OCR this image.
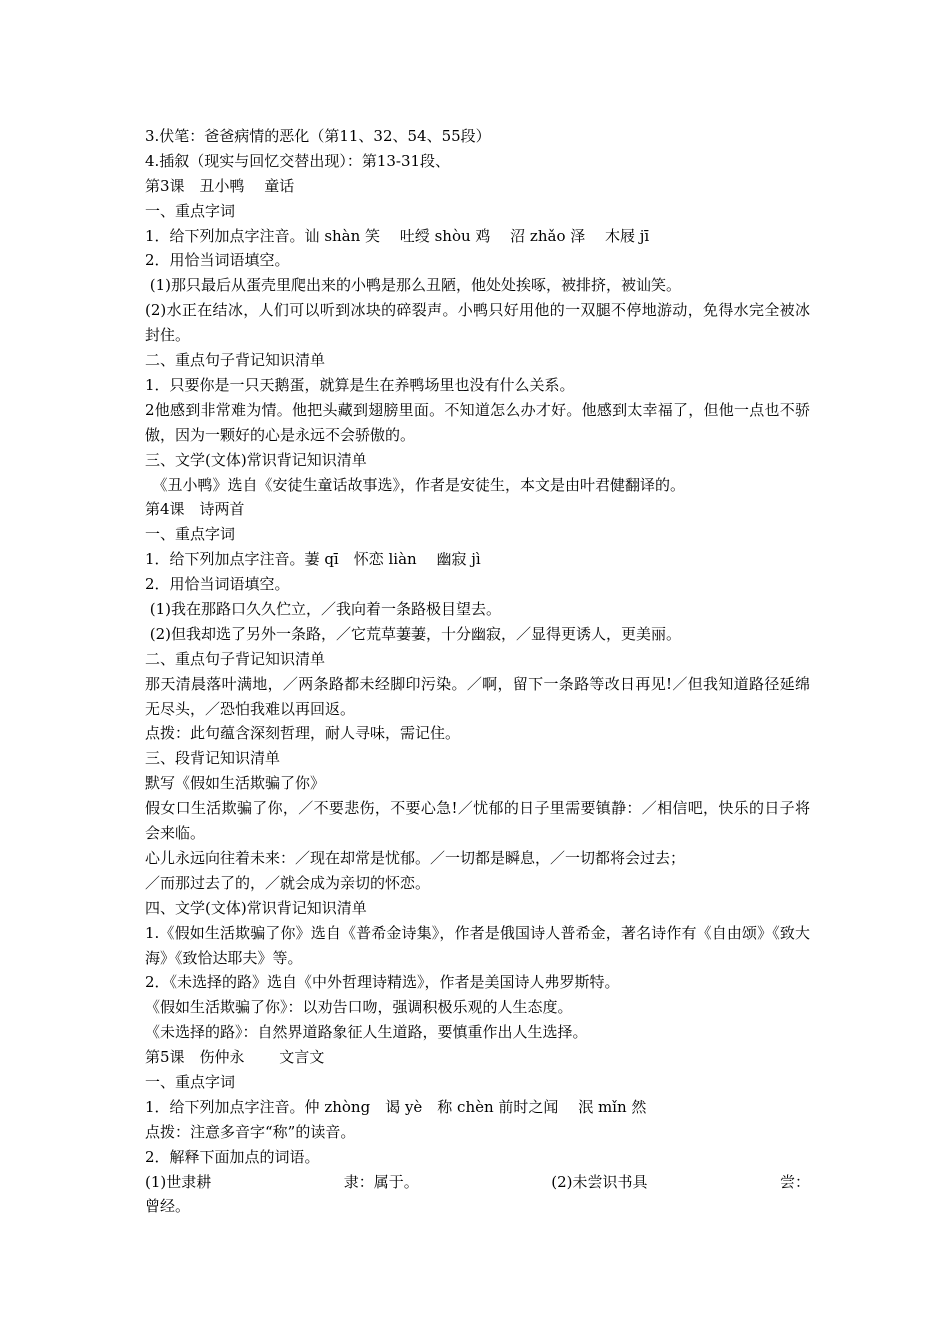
3.伏笔：爸爸病情的恶化（第11、32、54、55段）
4.插叙（现实与回忆交替出现）：第13-31段、
第3课　丑小鸭　 童话
一、重点字词
1．给下列加点字注音。讪 shàn 笑　 吐绶 shòu 鸡　 沼 zhǎo 泽　 木屐 jī
2．用恰当词语填空。
(1)那只最后从蛋壳里爬出来的小鸭是那么丑陋，他处处挨啄，被排挤，被讪笑。
(2)水正在结冰，人们可以听到冰块的碎裂声。小鸭只好用他的一双腿不停地游动，免得水完全被冰封住。
二、重点句子背记知识清单
1．只要你是一只天鹅蛋，就算是生在养鸭场里也没有什么关系。
2他感到非常难为情。他把头藏到翅膀里面。不知道怎么办才好。他感到太幸福了，但他一点也不骄傲，因为一颗好的心是永远不会骄傲的。
三、文学(文体)常识背记知识清单
　《丑小鸭》选自《安徒生童话故事选》，作者是安徒生，本文是由叶君健翻译的。
第4课　诗两首
一、重点字词
1．给下列加点字注音。萋 qī　怀恋 liàn　 幽寂 jì
2．用恰当词语填空。
(1)我在那路口久久伫立，／我向着一条路极目望去。
(2)但我却选了另外一条路，／它荒草萋萋，十分幽寂，／显得更诱人，更美丽。
二、重点句子背记知识清单
那天清晨落叶满地，／两条路都未经脚印污染。／啊，留下一条路等改日再见!／但我知道路径延绵无尽头，／恐怕我难以再回返。
点拨：此句蕴含深刻哲理，耐人寻味，需记住。
三、段背记知识清单
默写《假如生活欺骗了你》
假女口生活欺骗了你，／不要悲伤，不要心急!／忧郁的日子里需要镇静：／相信吧，快乐的日子将会来临。
心儿永远向往着未来：／现在却常是忧郁。／一切都是瞬息，／一切都将会过去；
／而那过去了的，／就会成为亲切的怀恋。
四、文学(文体)常识背记知识清单
1.《假如生活欺骗了你》选自《普希金诗集》，作者是俄国诗人普希金，著名诗作有《自由颂》《致大海》《致恰达耶夫》等。
2．《未选择的路》选自《中外哲理诗精选》，作者是美国诗人弗罗斯特。
《假如生活欺骗了你》：以劝告口吻，强调积极乐观的人生态度。
《未选择的路》：自然界道路象征人生道路，要慎重作出人生选择。
第5课　伤仲永　　 文言文
一、重点字词
1．给下列加点字注音。仲 zhòng　谒 yè　称 chèn 前时之闻　 泯 mǐn 然
点拨：注意多音字“称”的读音。
2．解释下面加点的词语。
(1)世隶耕	隶：属于。	(2)未尝识书具	尝：
曾经。
